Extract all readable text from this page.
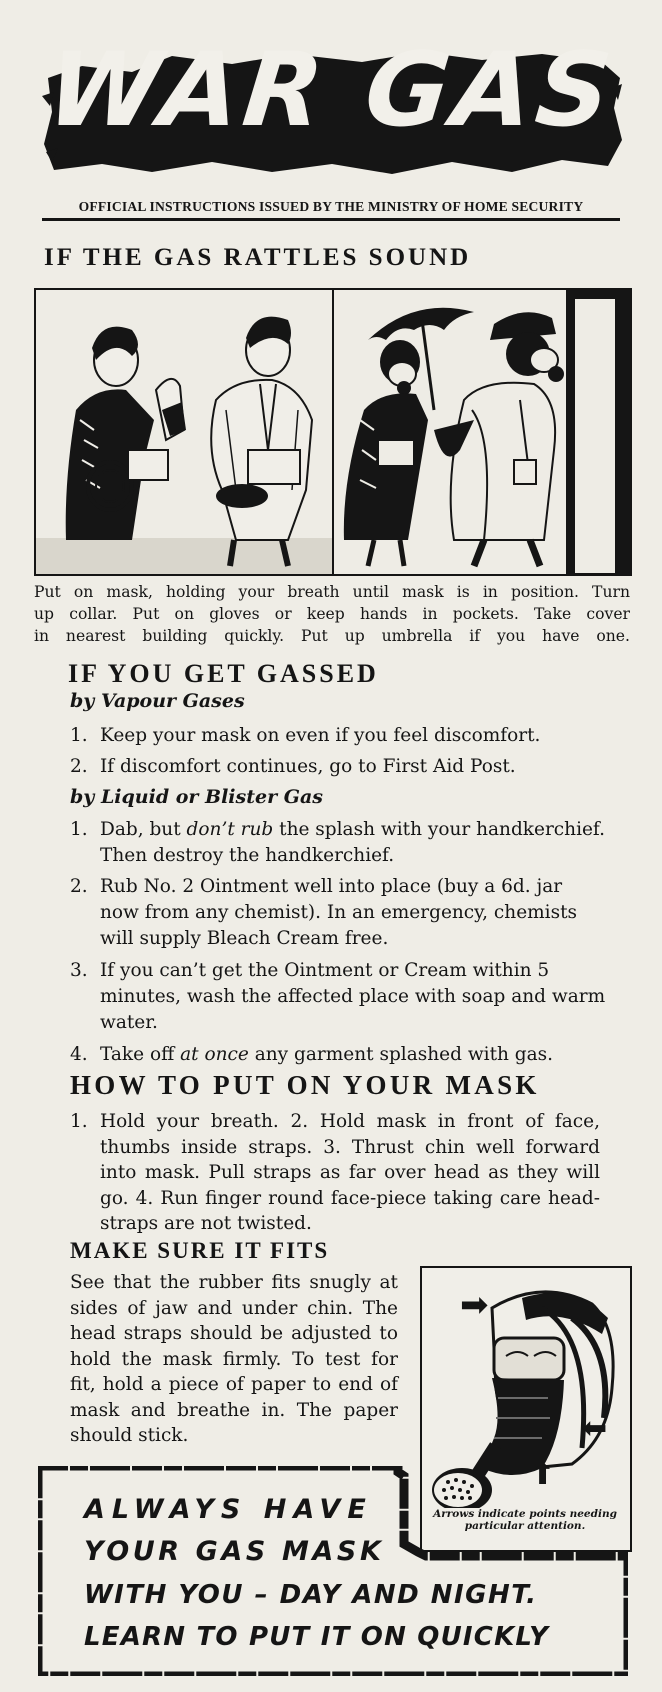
WAR GAS
OFFICIAL INSTRUCTIONS ISSUED BY THE MINISTRY OF HOME SECURITY
IF THE GAS RATTLES SOUND
Put on mask, holding your breath until mask is in position. Turn
up collar. Put on gloves or keep hands in pockets. Take cover
in nearest building quickly. Put up umbrella if you have one.
IF YOU GET GASSED
by Vapour Gases
1. Keep your mask on even if you feel discomfort.
2. If discomfort continues, go to First Aid Post.
by Liquid or Blister Gas
1. Dab, but don’t rub the splash with your handkerchief. Then destroy the handkerchief.
2. Rub No. 2 Ointment well into place (buy a 6d. jar now from any chemist). In an emergency, chemists will supply Bleach Cream free.
3. If you can’t get the Ointment or Cream within 5 minutes, wash the affected place with soap and warm water.
4. Take off at once any garment splashed with gas.
HOW TO PUT ON YOUR MASK
1. Hold your breath. 2. Hold mask in front of face, thumbs inside straps. 3. Thrust chin well forward into mask. Pull straps as far over head as they will go. 4. Run finger round face-piece taking care head-straps are not twisted.
MAKE SURE IT FITS
See that the rubber fits snugly at sides of jaw and under chin. The head straps should be adjusted to hold the mask firmly. To test for fit, hold a piece of paper to end of mask and breathe in. The paper should stick.
➡
⬅
⬆
Arrows indicate points needing
particular attention.
ALWAYS HAVE
YOUR GAS MASK
WITH YOU – DAY AND NIGHT.
LEARN TO PUT IT ON QUICKLY
